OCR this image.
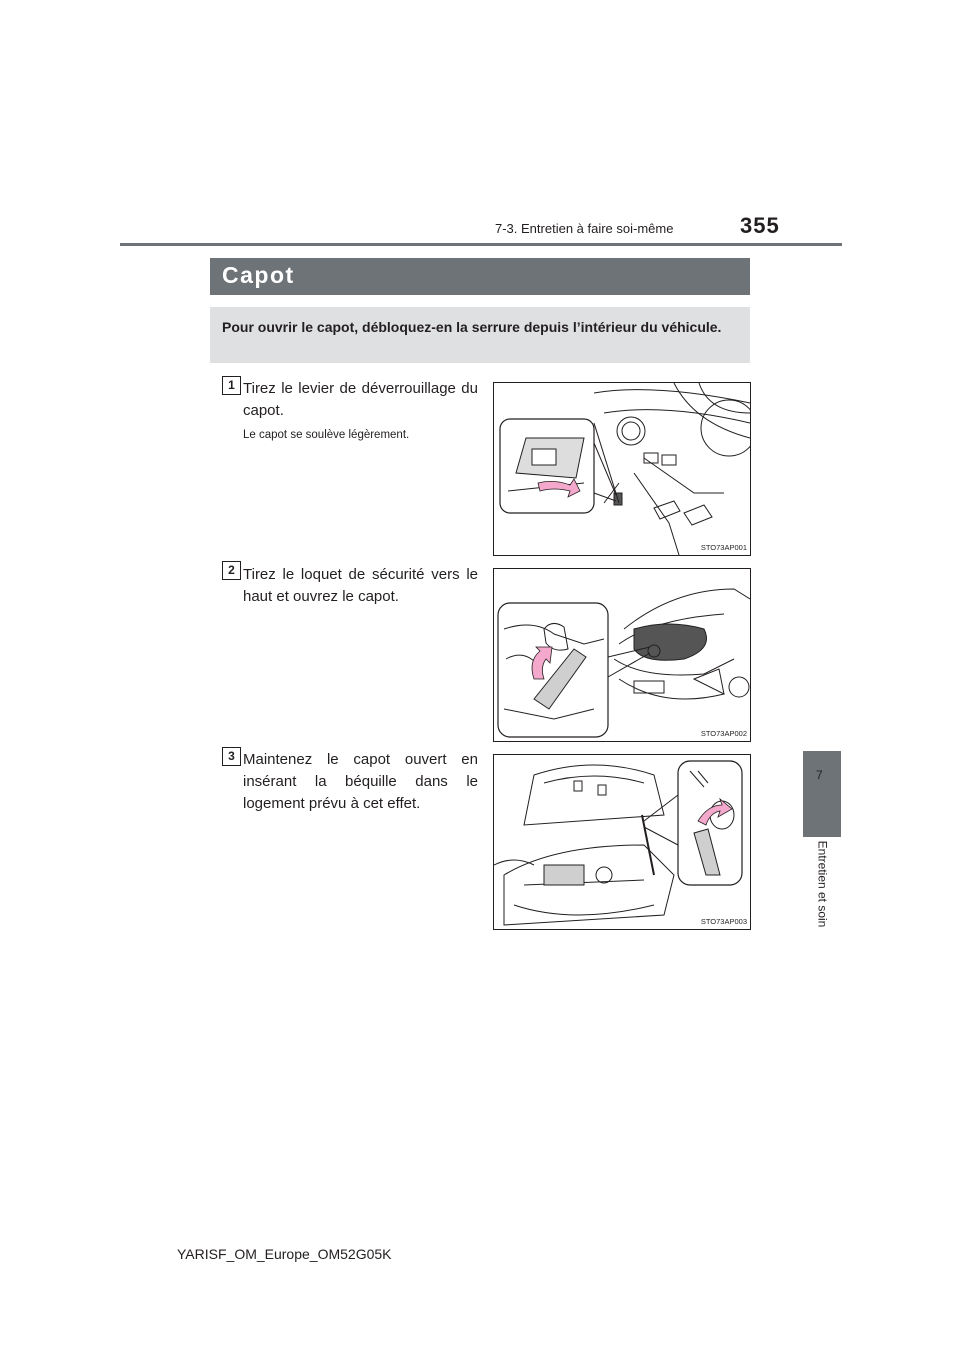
7-3. Entretien à faire soi-même	355
7
Entretien et soin
Capot
Pour ouvrir le capot, débloquez-en la serrure depuis l’intérieur du véhicule.
1 Tirez le levier de déverrouillage du capot.
Le capot se soulève légèrement.
STO73AP001
2 Tirez le loquet de sécurité vers le haut et ouvrez le capot.
STO73AP002
3 Maintenez le capot ouvert en insérant la béquille dans le logement prévu à cet effet.
STO73AP003
YARISF_OM_Europe_OM52G05K
